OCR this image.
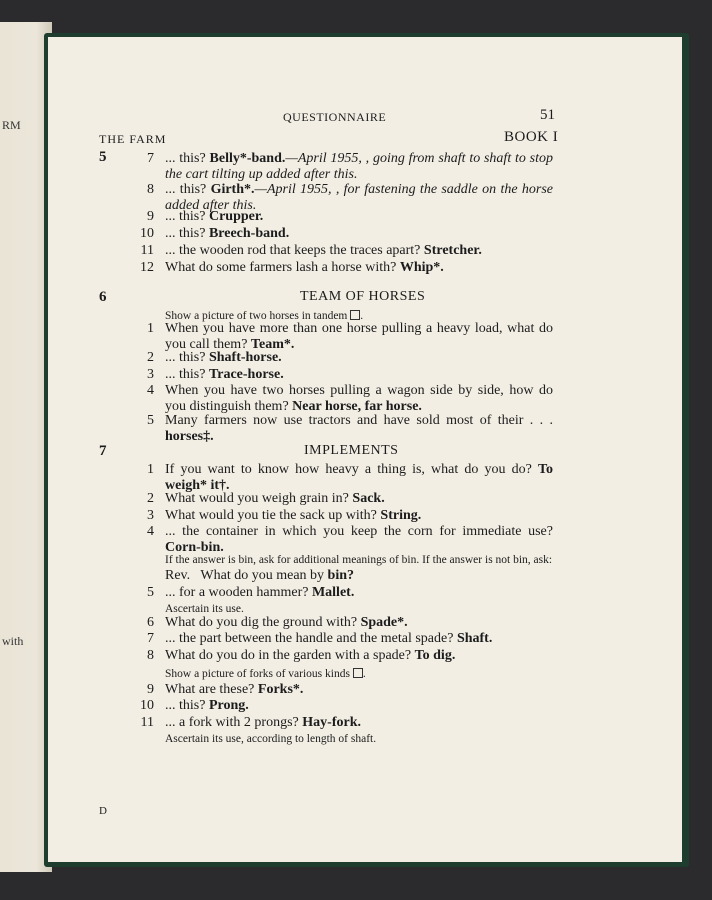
RM
with
QUESTIONNAIRE	51
THE FARM	BOOK I
5	7 ... this? Belly*-band.—April 1955, , going from shaft to shaft to stop the cart tilting up added after this.
8 ... this? Girth*.—April 1955, , for fastening the saddle on the horse added after this.
9 ... this? Crupper.
10 ... this? Breech-band.
11 ... the wooden rod that keeps the traces apart? Stretcher.
12 What do some farmers lash a horse with? Whip*.
6	TEAM OF HORSES
Show a picture of two horses in tandem .
1 When you have more than one horse pulling a heavy load, what do you call them? Team*.
2 ... this? Shaft-horse.
3 ... this? Trace-horse.
4 When you have two horses pulling a wagon side by side, how do you distinguish them? Near horse, far horse.
5 Many farmers now use tractors and have sold most of their . . . horses‡.
7	IMPLEMENTS
1 If you want to know how heavy a thing is, what do you do? To weigh* it†.
2 What would you weigh grain in? Sack.
3 What would you tie the sack up with? String.
4 ... the container in which you keep the corn for immediate use? Corn-bin.
If the answer is bin, ask for additional meanings of bin. If the answer is not bin, ask:
Rev. What do you mean by bin?
5 ... for a wooden hammer? Mallet.
Ascertain its use.
6 What do you dig the ground with? Spade*.
7 ... the part between the handle and the metal spade? Shaft.
8 What do you do in the garden with a spade? To dig.
Show a picture of forks of various kinds .
9 What are these? Forks*.
10 ... this? Prong.
11 ... a fork with 2 prongs? Hay-fork.
Ascertain its use, according to length of shaft.
D
